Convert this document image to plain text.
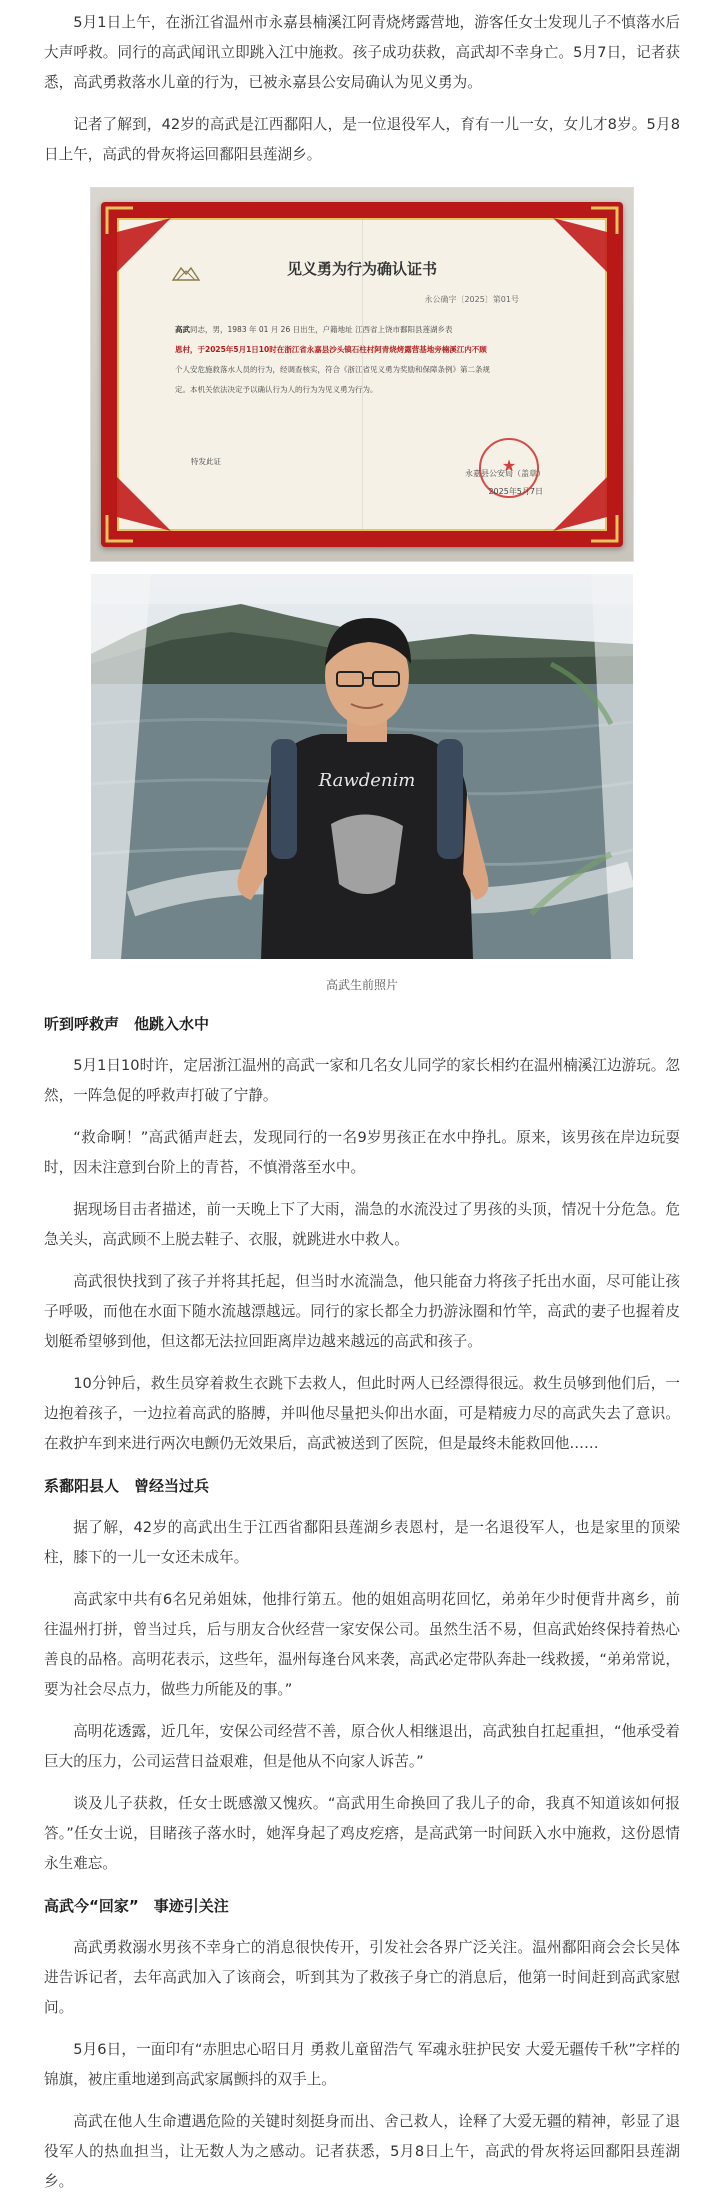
5月1日上午，在浙江省温州市永嘉县楠溪江阿青烧烤露营地，游客任女士发现儿子不慎落水后大声呼救。同行的高武闻讯立即跳入江中施救。孩子成功获救，高武却不幸身亡。5月7日，记者获悉，高武勇救落水儿童的行为，已被永嘉县公安局确认为见义勇为。

记者了解到，42岁的高武是江西鄱阳人，是一位退役军人，育有一儿一女，女儿才8岁。5月8日上午，高武的骨灰将运回鄱阳县莲湖乡。

见义勇为行为确认证书
永公确字〔2025〕第01号
高武同志，男，1983 年 01 月 26 日出生，户籍地址 江西省上饶市鄱阳县莲湖乡表
恩村，于2025年5月1日10时在浙江省永嘉县沙头镇石柱村阿青烧烤露营基地旁楠溪江内不顾
个人安危施救落水人员的行为，经调查核实，符合《浙江省见义勇为奖励和保障条例》第二条规
定。本机关依法决定予以确认行为人的行为为见义勇为行为。
特发此证
★
永嘉县公安局（盖章）
2025年5月7日
Rawdenim

高武生前照片

听到呼救声　他跳入水中

5月1日10时许，定居浙江温州的高武一家和几名女儿同学的家长相约在温州楠溪江边游玩。忽然，一阵急促的呼救声打破了宁静。

“救命啊！”高武循声赶去，发现同行的一名9岁男孩正在水中挣扎。原来，该男孩在岸边玩耍时，因未注意到台阶上的青苔，不慎滑落至水中。

据现场目击者描述，前一天晚上下了大雨，湍急的水流没过了男孩的头顶，情况十分危急。危急关头，高武顾不上脱去鞋子、衣服，就跳进水中救人。

高武很快找到了孩子并将其托起，但当时水流湍急，他只能奋力将孩子托出水面，尽可能让孩子呼吸，而他在水面下随水流越漂越远。同行的家长都全力扔游泳圈和竹竿，高武的妻子也握着皮划艇希望够到他，但这都无法拉回距离岸边越来越远的高武和孩子。

10分钟后，救生员穿着救生衣跳下去救人，但此时两人已经漂得很远。救生员够到他们后，一边抱着孩子，一边拉着高武的胳膊，并叫他尽量把头仰出水面，可是精疲力尽的高武失去了意识。在救护车到来进行两次电颤仍无效果后，高武被送到了医院，但是最终未能救回他……

系鄱阳县人　曾经当过兵

据了解，42岁的高武出生于江西省鄱阳县莲湖乡表恩村，是一名退役军人，也是家里的顶梁柱，膝下的一儿一女还未成年。

高武家中共有6名兄弟姐妹，他排行第五。他的姐姐高明花回忆，弟弟年少时便背井离乡，前往温州打拼，曾当过兵，后与朋友合伙经营一家安保公司。虽然生活不易，但高武始终保持着热心善良的品格。高明花表示，这些年，温州每逢台风来袭，高武必定带队奔赴一线救援，“弟弟常说，要为社会尽点力，做些力所能及的事。”

高明花透露，近几年，安保公司经营不善，原合伙人相继退出，高武独自扛起重担，“他承受着巨大的压力，公司运营日益艰难，但是他从不向家人诉苦。”

谈及儿子获救，任女士既感激又愧疚。“高武用生命换回了我儿子的命，我真不知道该如何报答。”任女士说，目睹孩子落水时，她浑身起了鸡皮疙瘩，是高武第一时间跃入水中施救，这份恩情永生难忘。

高武今“回家”　事迹引关注

高武勇救溺水男孩不幸身亡的消息很快传开，引发社会各界广泛关注。温州鄱阳商会会长吴体进告诉记者，去年高武加入了该商会，听到其为了救孩子身亡的消息后，他第一时间赶到高武家慰问。

5月6日，一面印有“赤胆忠心昭日月 勇救儿童留浩气 军魂永驻护民安 大爱无疆传千秋”字样的锦旗，被庄重地递到高武家属颤抖的双手上。

高武在他人生命遭遇危险的关键时刻挺身而出、舍己救人，诠释了大爱无疆的精神，彰显了退役军人的热血担当，让无数人为之感动。记者获悉，5月8日上午，高武的骨灰将运回鄱阳县莲湖乡。
